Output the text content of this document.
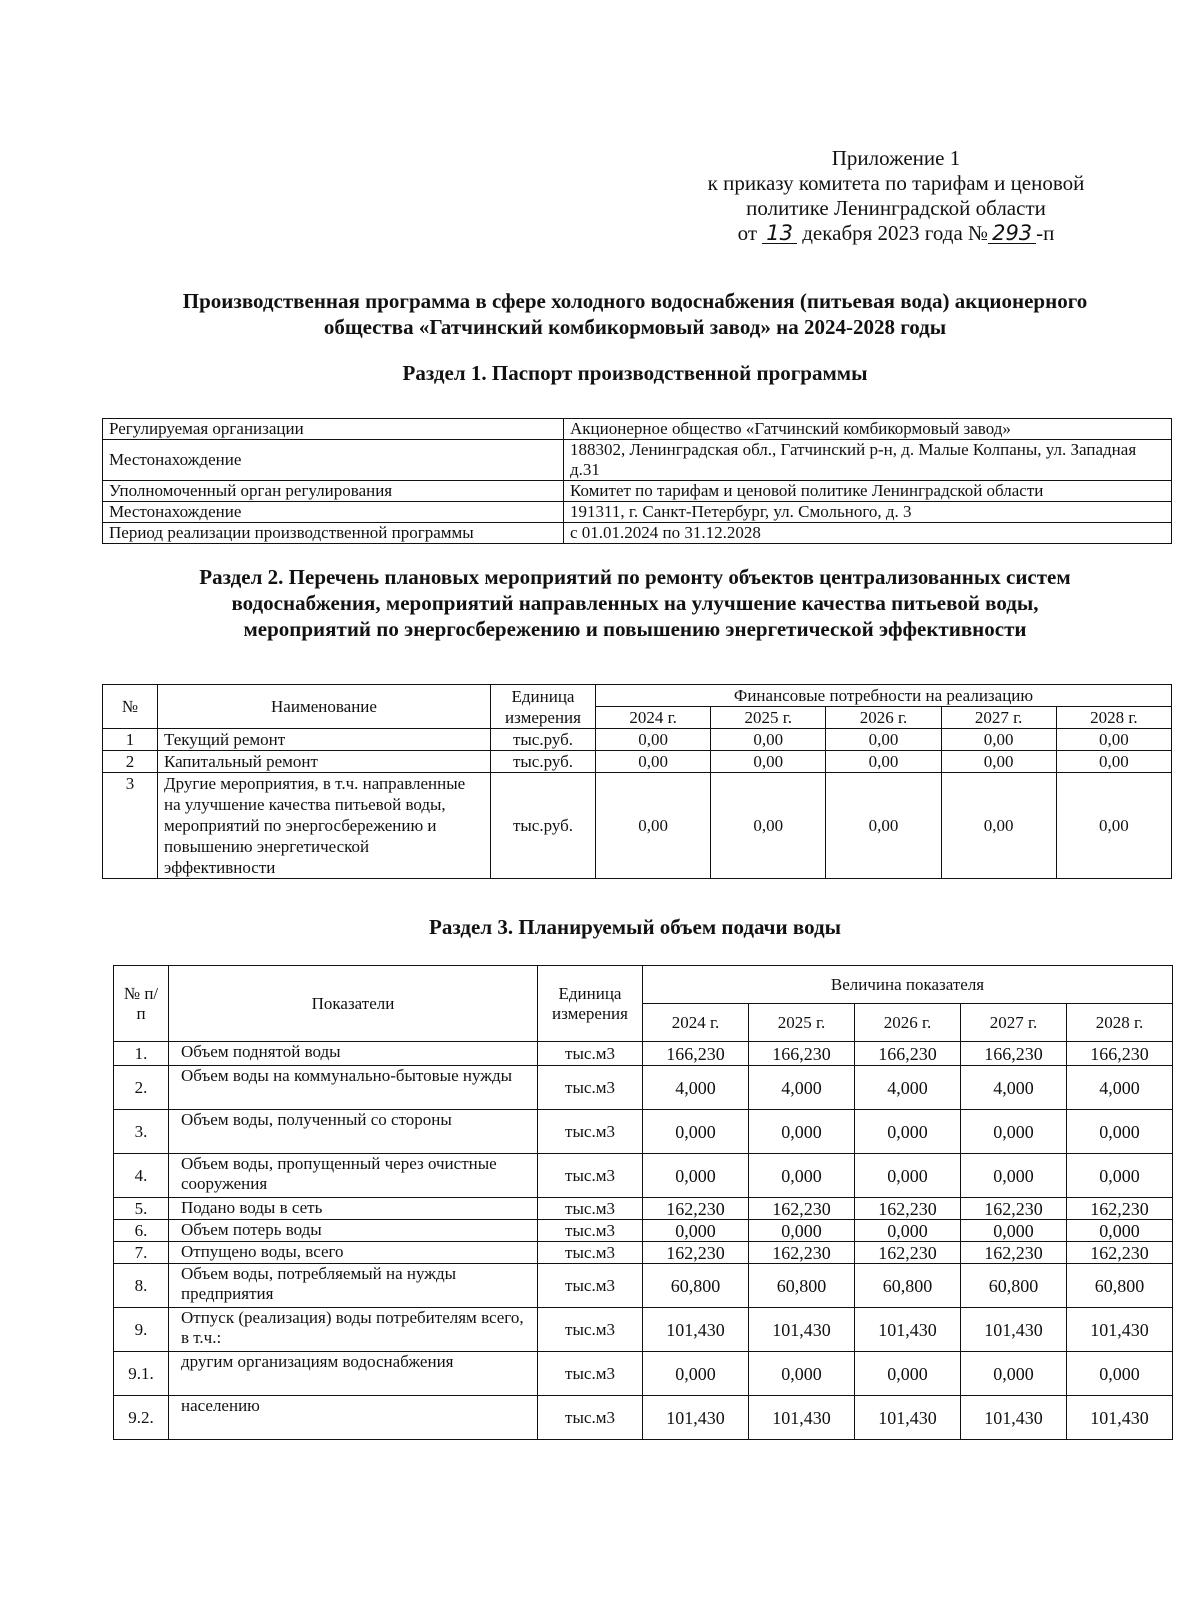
Приложение 1
к приказу комитета по тарифам и ценовой
политике Ленинградской области
от 13 декабря 2023 года № 293 -п
Производственная программа в сфере холодного водоснабжения (питьевая вода) акционерного
общества «Гатчинский комбикормовый завод» на 2024-2028 годы
Раздел 1. Паспорт производственной программы
Регулируемая организации	Акционерное общество «Гатчинский комбикормовый завод»
Местонахождение	188302, Ленинградская обл., Гатчинский р-н, д. Малые Колпаны, ул. Западная д.31
Уполномоченный орган регулирования	Комитет по тарифам и ценовой политике Ленинградской области
Местонахождение	191311, г. Санкт-Петербург, ул. Смольного, д. 3
Период реализации производственной программы	с 01.01.2024 по 31.12.2028
Раздел 2. Перечень плановых мероприятий по ремонту объектов централизованных систем
водоснабжения, мероприятий направленных на улучшение качества питьевой воды,
мероприятий по энергосбережению и повышению энергетической эффективности
№	Наименование	Единица измерения	Финансовые потребности на реализацию				
			2024 г.	2025 г.	2026 г.	2027 г.	2028 г.
1	Текущий ремонт	тыс.руб.	0,00	0,00	0,00	0,00	0,00
2	Капитальный ремонт	тыс.руб.	0,00	0,00	0,00	0,00	0,00
3	Другие мероприятия, в т.ч. направленные на улучшение качества питьевой воды, мероприятий по энергосбережению и повышению энергетической эффективности	тыс.руб.	0,00	0,00	0,00	0,00	0,00
Раздел 3. Планируемый объем подачи воды
№ п/п	Показатели	Единица измерения	Величина показателя				
			2024 г.	2025 г.	2026 г.	2027 г.	2028 г.
1.	Объем поднятой воды	тыс.м3	166,230	166,230	166,230	166,230	166,230
2.	Объем воды на коммунально-бытовые нужды	тыс.м3	4,000	4,000	4,000	4,000	4,000
3.	Объем воды, полученный со стороны	тыс.м3	0,000	0,000	0,000	0,000	0,000
4.	Объем воды, пропущенный через очистные сооружения	тыс.м3	0,000	0,000	0,000	0,000	0,000
5.	Подано воды в сеть	тыс.м3	162,230	162,230	162,230	162,230	162,230
6.	Объем потерь воды	тыс.м3	0,000	0,000	0,000	0,000	0,000
7.	Отпущено воды, всего	тыс.м3	162,230	162,230	162,230	162,230	162,230
8.	Объем воды, потребляемый на нужды предприятия	тыс.м3	60,800	60,800	60,800	60,800	60,800
9.	Отпуск (реализация) воды потребителям всего, в т.ч.:	тыс.м3	101,430	101,430	101,430	101,430	101,430
9.1.	другим организациям водоснабжения	тыс.м3	0,000	0,000	0,000	0,000	0,000
9.2.	населению	тыс.м3	101,430	101,430	101,430	101,430	101,430
